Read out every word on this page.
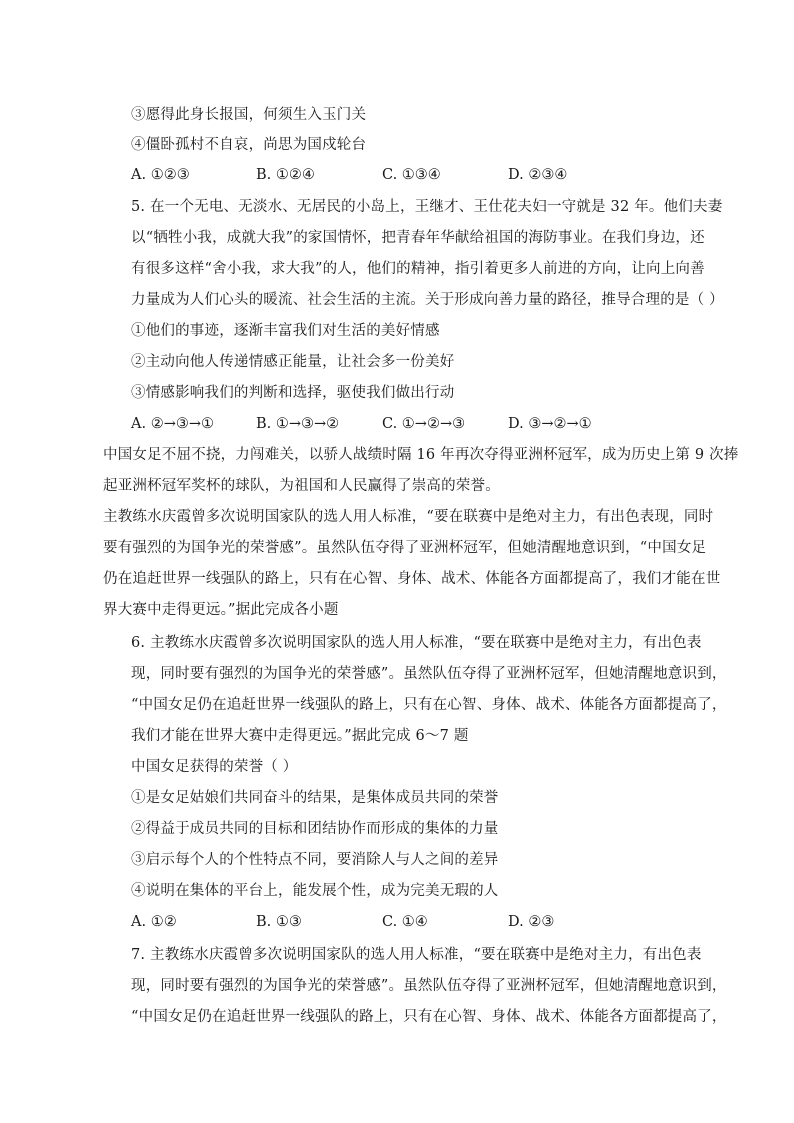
③愿得此身长报国，何须生入玉门关
④僵卧孤村不自哀，尚思为国戍轮台
A. ①②③	B. ①②④	C. ①③④	D. ②③④
5. 在一个无电、无淡水、无居民的小岛上，王继才、王仕花夫妇一守就是 32 年。他们夫妻
以“牺牲小我，成就大我”的家国情怀，把青春年华献给祖国的海防事业。在我们身边，还
有很多这样“舍小我，求大我”的人，他们的精神，指引着更多人前进的方向，让向上向善
力量成为人们心头的暖流、社会生活的主流。关于形成向善力量的路径，推导合理的是（ ）
①他们的事迹，逐渐丰富我们对生活的美好情感
②主动向他人传递情感正能量，让社会多一份美好
③情感影响我们的判断和选择，驱使我们做出行动
A. ②→③→①	B. ①→③→②	C. ①→②→③	D. ③→②→①
中国女足不屈不挠，力闯难关，以骄人战绩时隔 16 年再次夺得亚洲杯冠军，成为历史上第 9 次捧
起亚洲杯冠军奖杯的球队，为祖国和人民赢得了崇高的荣誉。
主教练水庆霞曾多次说明国家队的选人用人标准，“要在联赛中是绝对主力，有出色表现，同时
要有强烈的为国争光的荣誉感”。虽然队伍夺得了亚洲杯冠军，但她清醒地意识到，“中国女足
仍在追赶世界一线强队的路上，只有在心智、身体、战术、体能各方面都提高了，我们才能在世
界大赛中走得更远。”据此完成各小题
6. 主教练水庆霞曾多次说明国家队的选人用人标准，“要在联赛中是绝对主力，有出色表
现，同时要有强烈的为国争光的荣誉感”。虽然队伍夺得了亚洲杯冠军，但她清醒地意识到，
“中国女足仍在追赶世界一线强队的路上，只有在心智、身体、战术、体能各方面都提高了，
我们才能在世界大赛中走得更远。”据此完成 6～7 题
中国女足获得的荣誉（ ）
①是女足姑娘们共同奋斗的结果，是集体成员共同的荣誉
②得益于成员共同的目标和团结协作而形成的集体的力量
③启示每个人的个性特点不同，要消除人与人之间的差异
④说明在集体的平台上，能发展个性，成为完美无瑕的人
A. ①②	B. ①③	C. ①④	D. ②③
7. 主教练水庆霞曾多次说明国家队的选人用人标准，“要在联赛中是绝对主力，有出色表
现，同时要有强烈的为国争光的荣誉感”。虽然队伍夺得了亚洲杯冠军，但她清醒地意识到，
“中国女足仍在追赶世界一线强队的路上，只有在心智、身体、战术、体能各方面都提高了，
